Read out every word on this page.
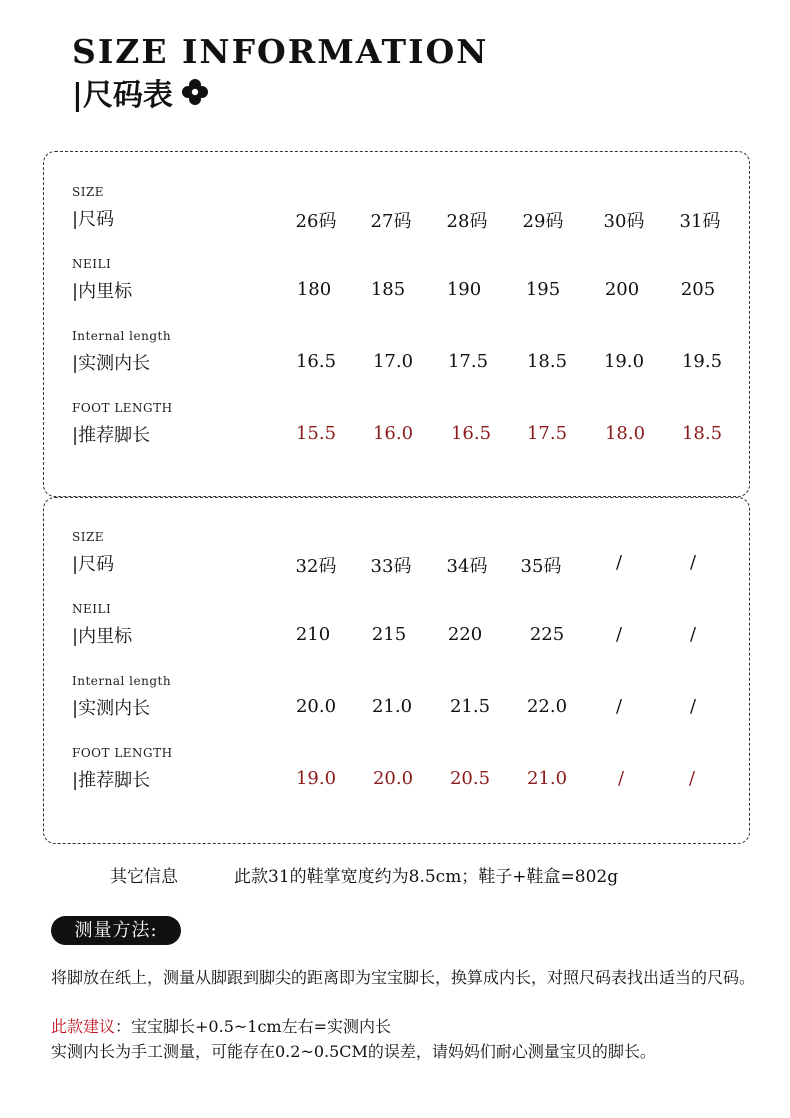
SIZE INFORMATION
|尺码表
SIZE
|尺码	26码	27码	28码	29码	30码	31码
NEILI
|内里标	180	185	190	195	200	205
Internal length
|实测内长	16.5	17.0	17.5	18.5	19.0	19.5
FOOT LENGTH
|推荐脚长	15.5	16.0	16.5	17.5	18.0	18.5
SIZE
|尺码	32码	33码	34码	35码	/	/
NEILI
|内里标	210	215	220	225	/	/
Internal length
|实测内长	20.0	21.0	21.5	22.0	/	/
FOOT LENGTH
|推荐脚长	19.0	20.0	20.5	21.0	/	/
其它信息	此款31的鞋掌宽度约为8.5cm；鞋子+鞋盒=802g
测量方法:

将脚放在纸上，测量从脚跟到脚尖的距离即为宝宝脚长，换算成内长，对照尺码表找出适当的尺码。

此款建议：宝宝脚长+0.5~1cm左右=实测内长

实测内长为手工测量，可能存在0.2~0.5CM的误差，请妈妈们耐心测量宝贝的脚长。
